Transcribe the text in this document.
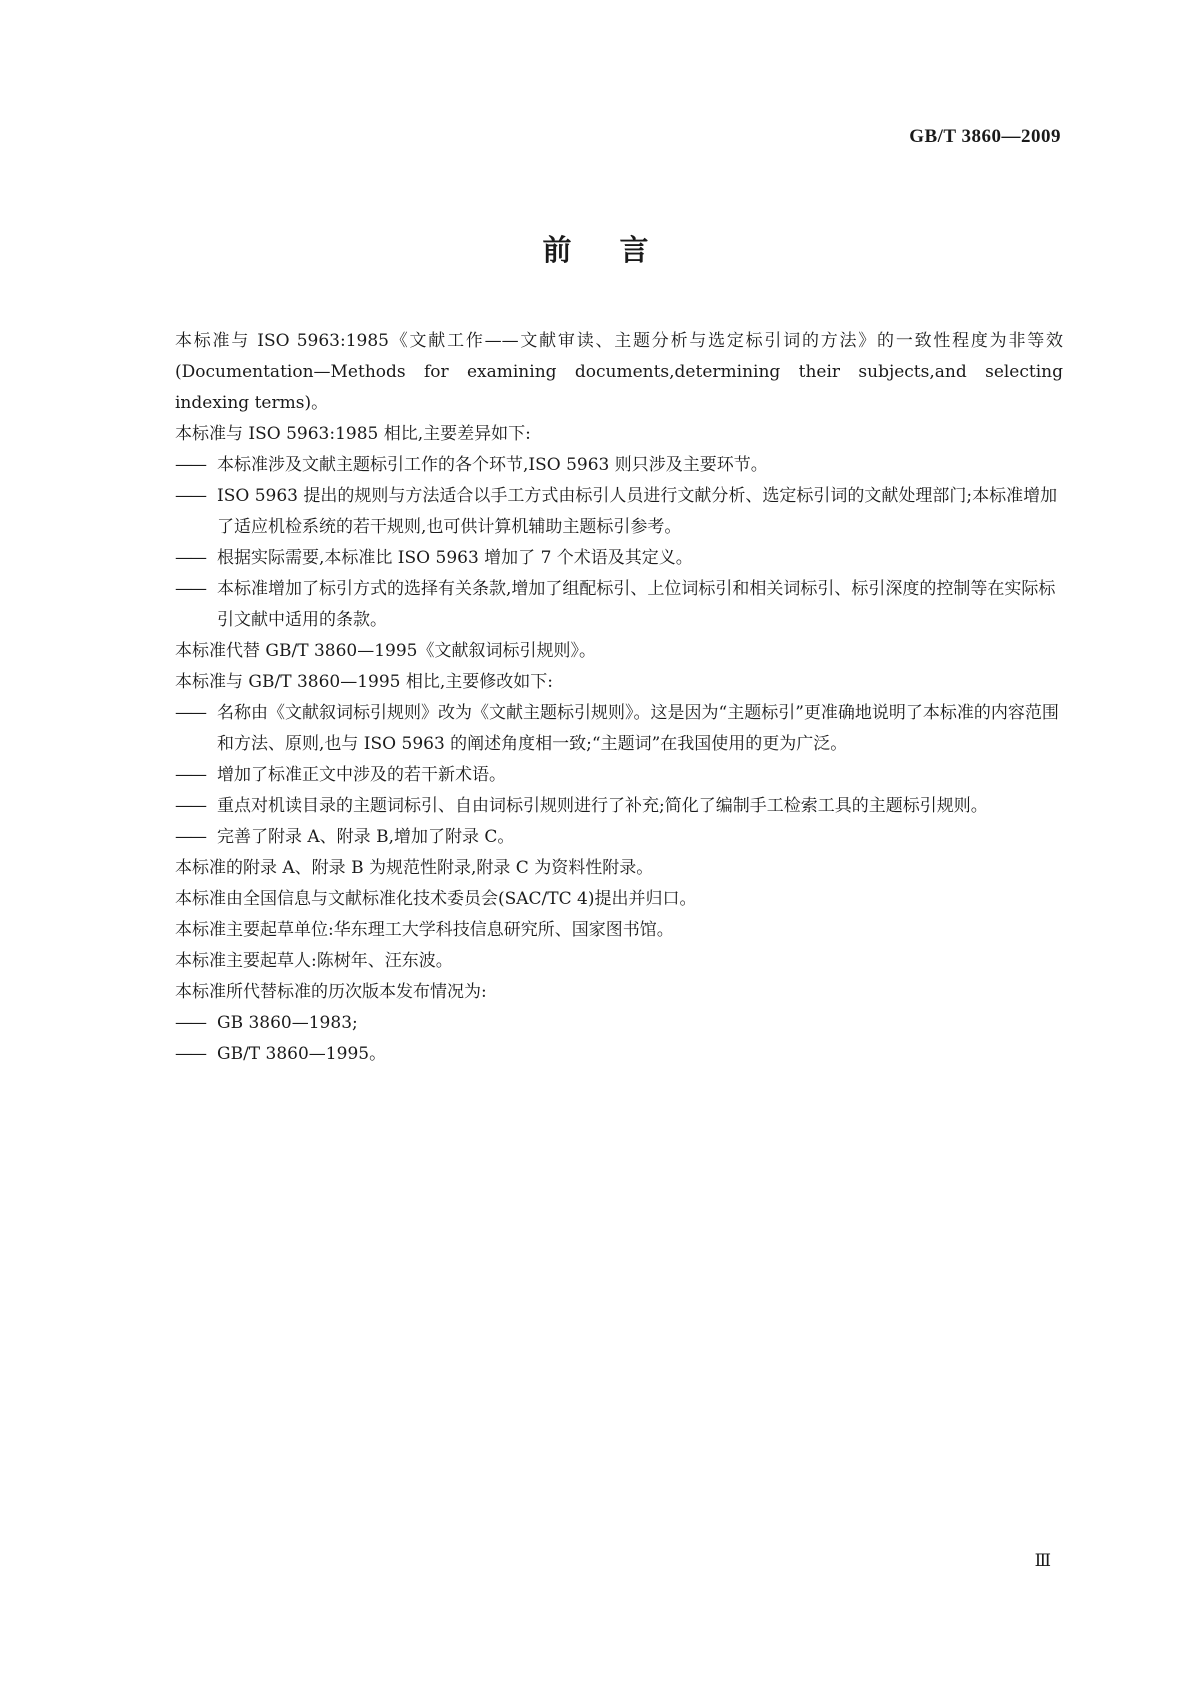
GB/T 3860—2009
前言

本标准与 ISO 5963:1985《文献工作——文献审读、主题分析与选定标引词的方法》的一致性程度为非等效(Documentation—Methods for examining documents,determining their subjects,and selecting indexing terms)。

本标准与 ISO 5963:1985 相比,主要差异如下:

—— 本标准涉及文献主题标引工作的各个环节,ISO 5963 则只涉及主要环节。

—— ISO 5963 提出的规则与方法适合以手工方式由标引人员进行文献分析、选定标引词的文献处理部门;本标准增加了适应机检系统的若干规则,也可供计算机辅助主题标引参考。

—— 根据实际需要,本标准比 ISO 5963 增加了 7 个术语及其定义。

—— 本标准增加了标引方式的选择有关条款,增加了组配标引、上位词标引和相关词标引、标引深度的控制等在实际标引文献中适用的条款。

本标准代替 GB/T 3860—1995《文献叙词标引规则》。

本标准与 GB/T 3860—1995 相比,主要修改如下:

—— 名称由《文献叙词标引规则》改为《文献主题标引规则》。这是因为“主题标引”更准确地说明了本标准的内容范围和方法、原则,也与 ISO 5963 的阐述角度相一致;“主题词”在我国使用的更为广泛。

—— 增加了标准正文中涉及的若干新术语。

—— 重点对机读目录的主题词标引、自由词标引规则进行了补充;简化了编制手工检索工具的主题标引规则。

—— 完善了附录 A、附录 B,增加了附录 C。

本标准的附录 A、附录 B 为规范性附录,附录 C 为资料性附录。

本标准由全国信息与文献标准化技术委员会(SAC/TC 4)提出并归口。

本标准主要起草单位:华东理工大学科技信息研究所、国家图书馆。

本标准主要起草人:陈树年、汪东波。

本标准所代替标准的历次版本发布情况为:

—— GB 3860—1983;

—— GB/T 3860—1995。

Ⅲ
